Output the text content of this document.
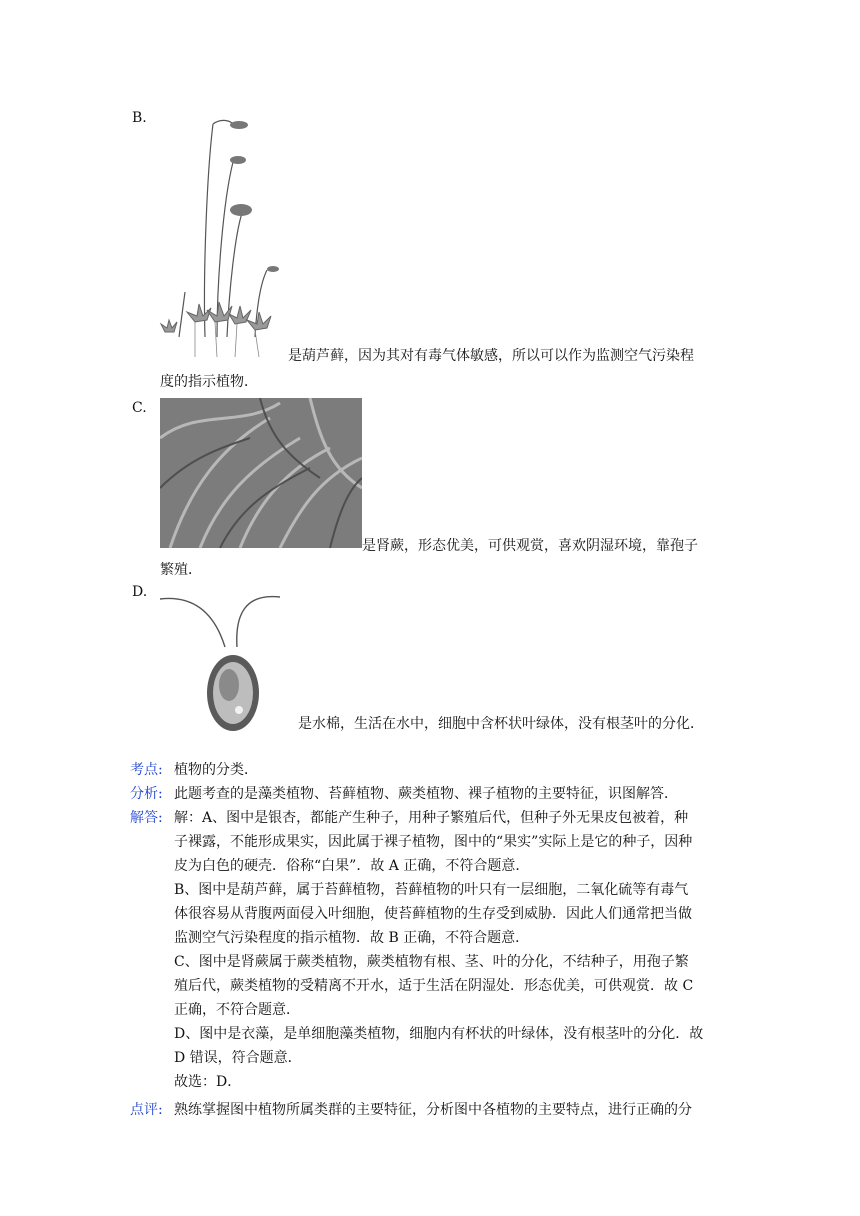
B.
是葫芦藓，因为其对有毒气体敏感，所以可以作为监测空气污染程
度的指示植物．
C.
是肾蕨，形态优美，可供观赏，喜欢阴湿环境，靠孢子
繁殖．
D.
是水棉，生活在水中，细胞中含杯状叶绿体，没有根茎叶的分化．
考点: 植物的分类．
分析: 此题考查的是藻类植物、苔藓植物、蕨类植物、裸子植物的主要特征，识图解答．
解答: 解：A、图中是银杏，都能产生种子，用种子繁殖后代，但种子外无果皮包被着，种
子裸露，不能形成果实，因此属于裸子植物，图中的“果实”实际上是它的种子，因种
皮为白色的硬壳．俗称“白果”．故 A 正确，不符合题意．
B、图中是葫芦藓，属于苔藓植物，苔藓植物的叶只有一层细胞，二氧化硫等有毒气
体很容易从背腹两面侵入叶细胞，使苔藓植物的生存受到威胁．因此人们通常把当做
监测空气污染程度的指示植物．故 B 正确，不符合题意．
C、图中是肾蕨属于蕨类植物，蕨类植物有根、茎、叶的分化，不结种子，用孢子繁
殖后代，蕨类植物的受精离不开水，适于生活在阴湿处．形态优美，可供观赏．故 C
正确，不符合题意．
D、图中是衣藻，是单细胞藻类植物，细胞内有杯状的叶绿体，没有根茎叶的分化．故
D 错误，符合题意．
故选：D．
点评: 熟练掌握图中植物所属类群的主要特征，分析图中各植物的主要特点，进行正确的分
